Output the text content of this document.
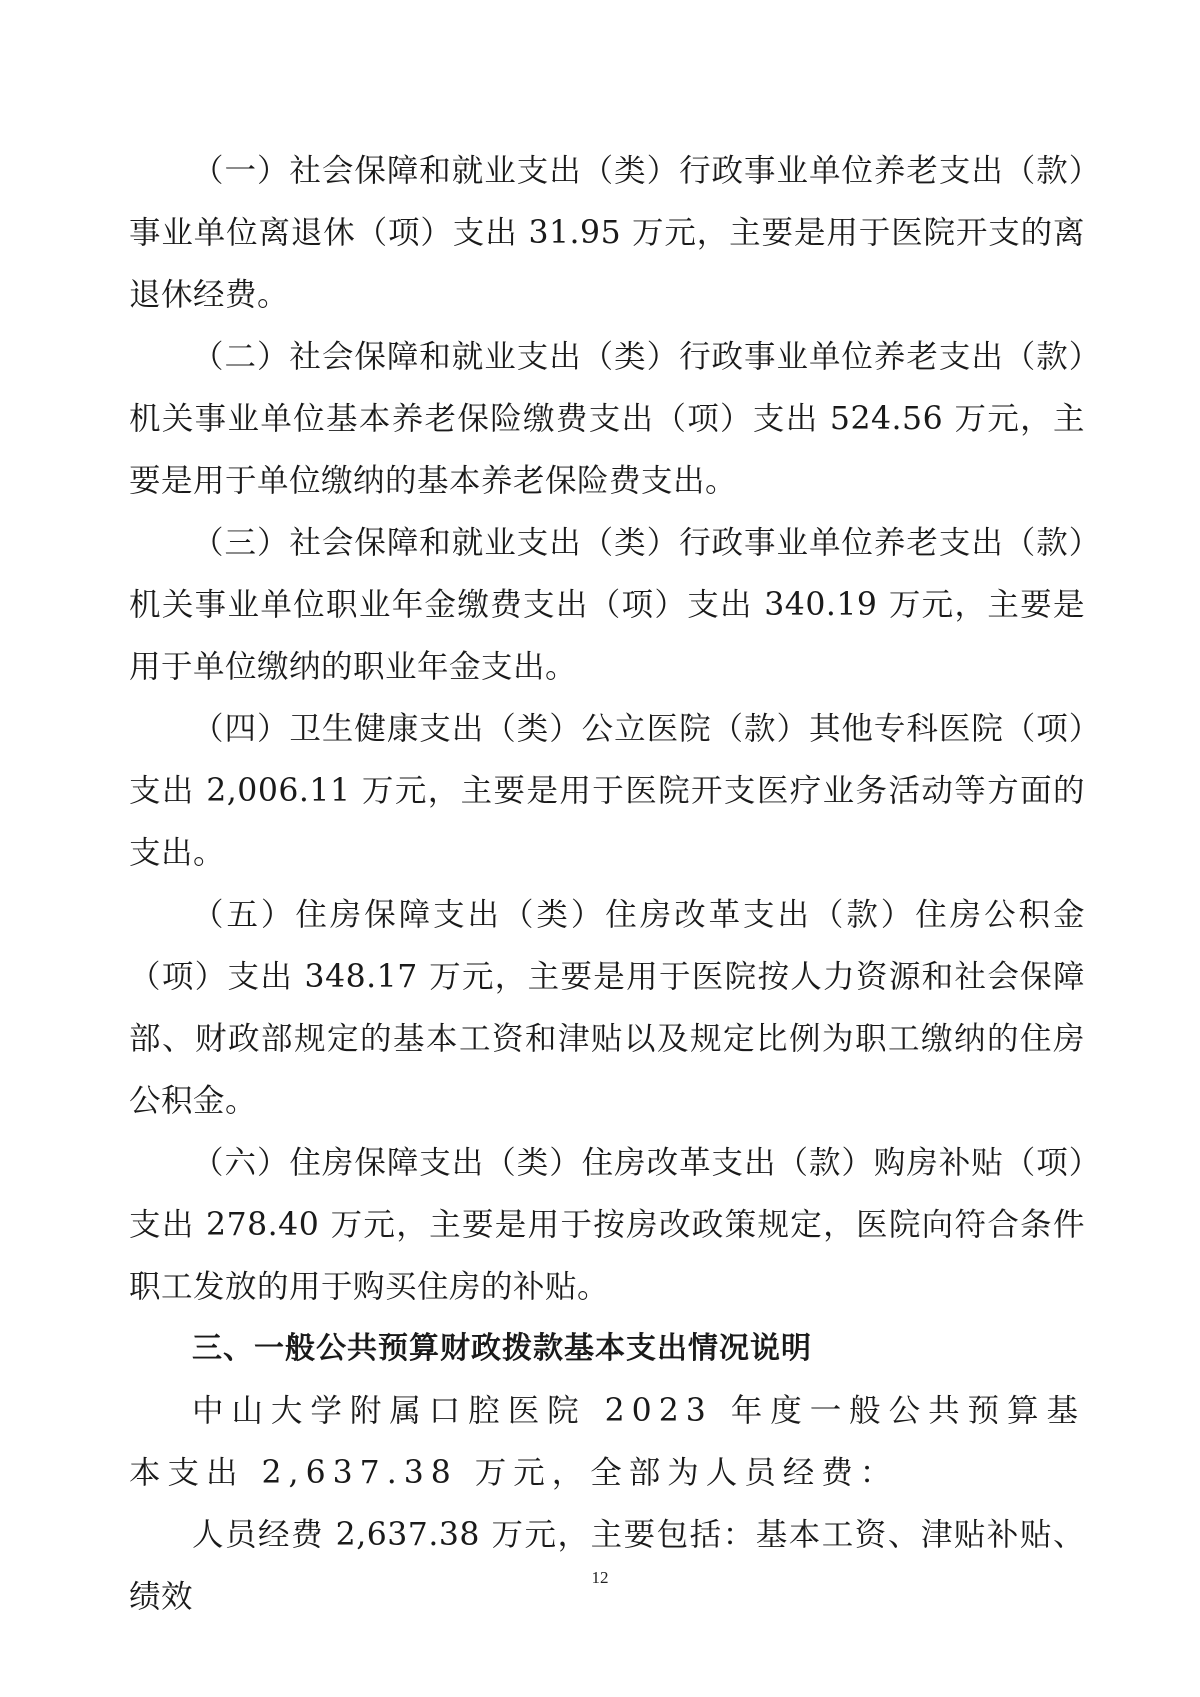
（一）社会保障和就业支出（类）行政事业单位养老支出（款）事业单位离退休（项）支出 31.95 万元，主要是用于医院开支的离退休经费。

（二）社会保障和就业支出（类）行政事业单位养老支出（款）机关事业单位基本养老保险缴费支出（项）支出 524.56 万元，主要是用于单位缴纳的基本养老保险费支出。

（三）社会保障和就业支出（类）行政事业单位养老支出（款）机关事业单位职业年金缴费支出（项）支出 340.19 万元，主要是用于单位缴纳的职业年金支出。

（四）卫生健康支出（类）公立医院（款）其他专科医院（项）支出 2,006.11 万元，主要是用于医院开支医疗业务活动等方面的支出。

（五）住房保障支出（类）住房改革支出（款）住房公积金（项）支出 348.17 万元，主要是用于医院按人力资源和社会保障部、财政部规定的基本工资和津贴以及规定比例为职工缴纳的住房公积金。

（六）住房保障支出（类）住房改革支出（款）购房补贴（项）支出 278.40 万元，主要是用于按房改政策规定，医院向符合条件职工发放的用于购买住房的补贴。

三、一般公共预算财政拨款基本支出情况说明

中山大学附属口腔医院 2023 年度一般公共预算基本支出 2,637.38 万元，全部为人员经费：

人员经费 2,637.38 万元，主要包括：基本工资、津贴补贴、绩效

12
